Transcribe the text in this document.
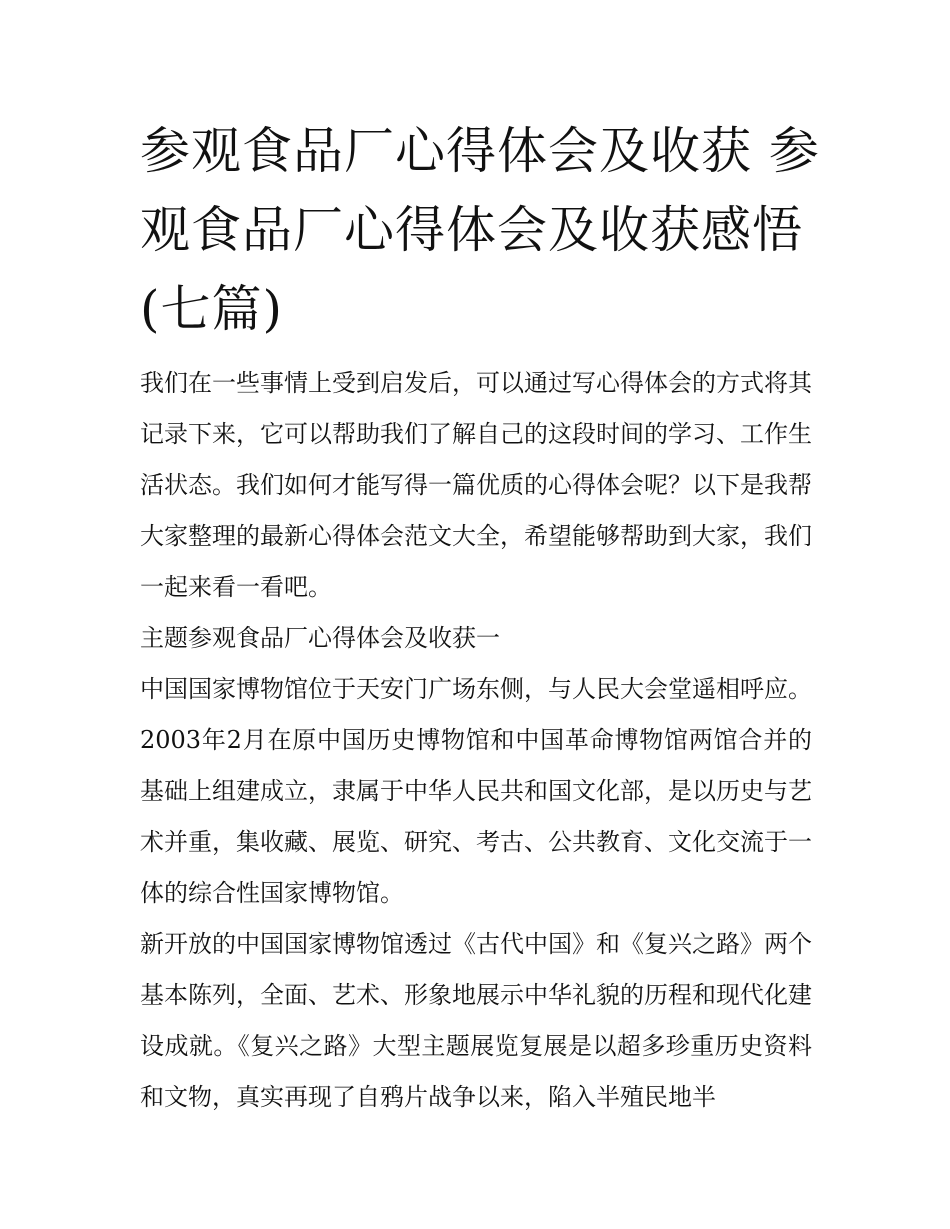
参观食品厂心得体会及收获 参观食品厂心得体会及收获感悟(七篇)

我们在一些事情上受到启发后，可以通过写心得体会的方式将其记录下来，它可以帮助我们了解自己的这段时间的学习、工作生活状态。我们如何才能写得一篇优质的心得体会呢？以下是我帮大家整理的最新心得体会范文大全，希望能够帮助到大家，我们一起来看一看吧。

主题参观食品厂心得体会及收获一

中国国家博物馆位于天安门广场东侧，与人民大会堂遥相呼应。2003年2月在原中国历史博物馆和中国革命博物馆两馆合并的基础上组建成立，隶属于中华人民共和国文化部，是以历史与艺术并重，集收藏、展览、研究、考古、公共教育、文化交流于一体的综合性国家博物馆。

新开放的中国国家博物馆透过《古代中国》和《复兴之路》两个基本陈列，全面、艺术、形象地展示中华礼貌的历程和现代化建设成就。《复兴之路》大型主题展览复展是以超多珍重历史资料和文物，真实再现了自鸦片战争以来，陷入半殖民地半
